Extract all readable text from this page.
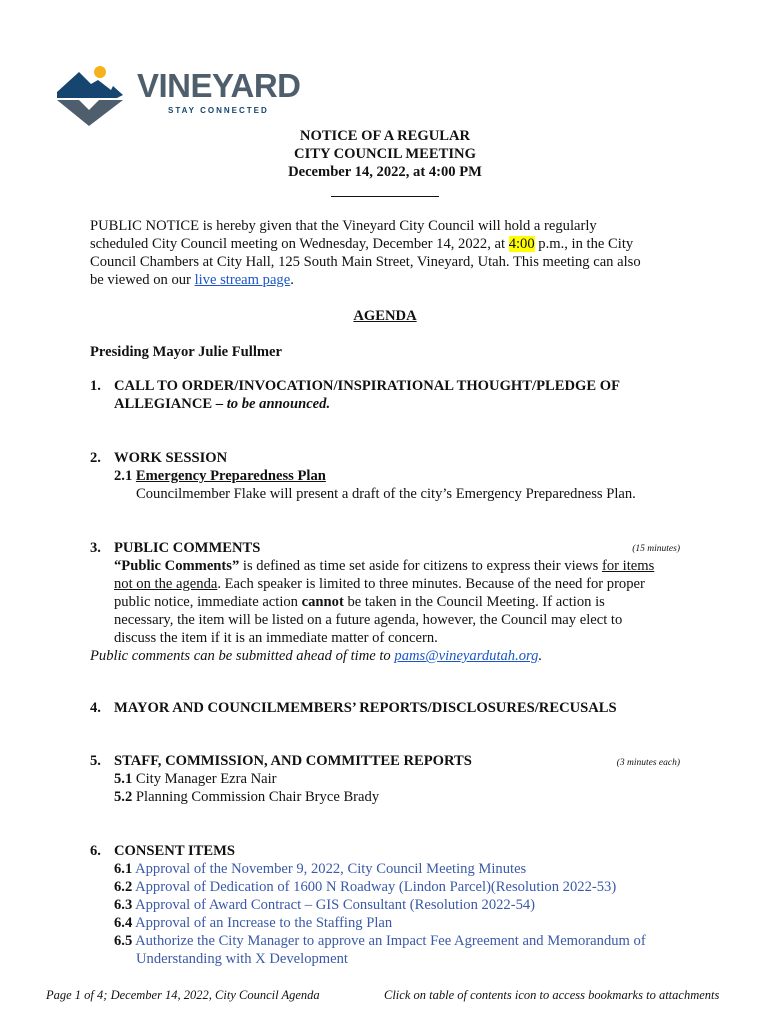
VINEYARD
STAY CONNECTED
NOTICE OF A REGULAR
CITY COUNCIL MEETING
December 14, 2022, at 4:00 PM
PUBLIC NOTICE is hereby given that the Vineyard City Council will hold a regularly
scheduled City Council meeting on Wednesday, December 14, 2022, at 4:00 p.m., in the City
Council Chambers at City Hall, 125 South Main Street, Vineyard, Utah. This meeting can also
be viewed on our live stream page.
AGENDA
Presiding Mayor Julie Fullmer
1. CALL TO ORDER/INVOCATION/INSPIRATIONAL THOUGHT/PLEDGE OF
ALLEGIANCE – to be announced.
2. WORK SESSION
2.1 Emergency Preparedness Plan
Councilmember Flake will present a draft of the city’s Emergency Preparedness Plan.
3. PUBLIC COMMENTS	(15 minutes)
“Public Comments” is defined as time set aside for citizens to express their views for items
not on the agenda. Each speaker is limited to three minutes. Because of the need for proper
public notice, immediate action cannot be taken in the Council Meeting. If action is
necessary, the item will be listed on a future agenda, however, the Council may elect to
discuss the item if it is an immediate matter of concern.
Public comments can be submitted ahead of time to pams@vineyardutah.org.
4. MAYOR AND COUNCILMEMBERS’ REPORTS/DISCLOSURES/RECUSALS
5. STAFF, COMMISSION, AND COMMITTEE REPORTS	(3 minutes each)
5.1 City Manager Ezra Nair
5.2 Planning Commission Chair Bryce Brady
6. CONSENT ITEMS
6.1 Approval of the November 9, 2022, City Council Meeting Minutes
6.2 Approval of Dedication of 1600 N Roadway (Lindon Parcel)(Resolution 2022-53)
6.3 Approval of Award Contract – GIS Consultant (Resolution 2022-54)
6.4 Approval of an Increase to the Staffing Plan
6.5 Authorize the City Manager to approve an Impact Fee Agreement and Memorandum of
Understanding with X Development
Page 1 of 4; December 14, 2022, City Council Agenda	Click on table of contents icon to access bookmarks to attachments
